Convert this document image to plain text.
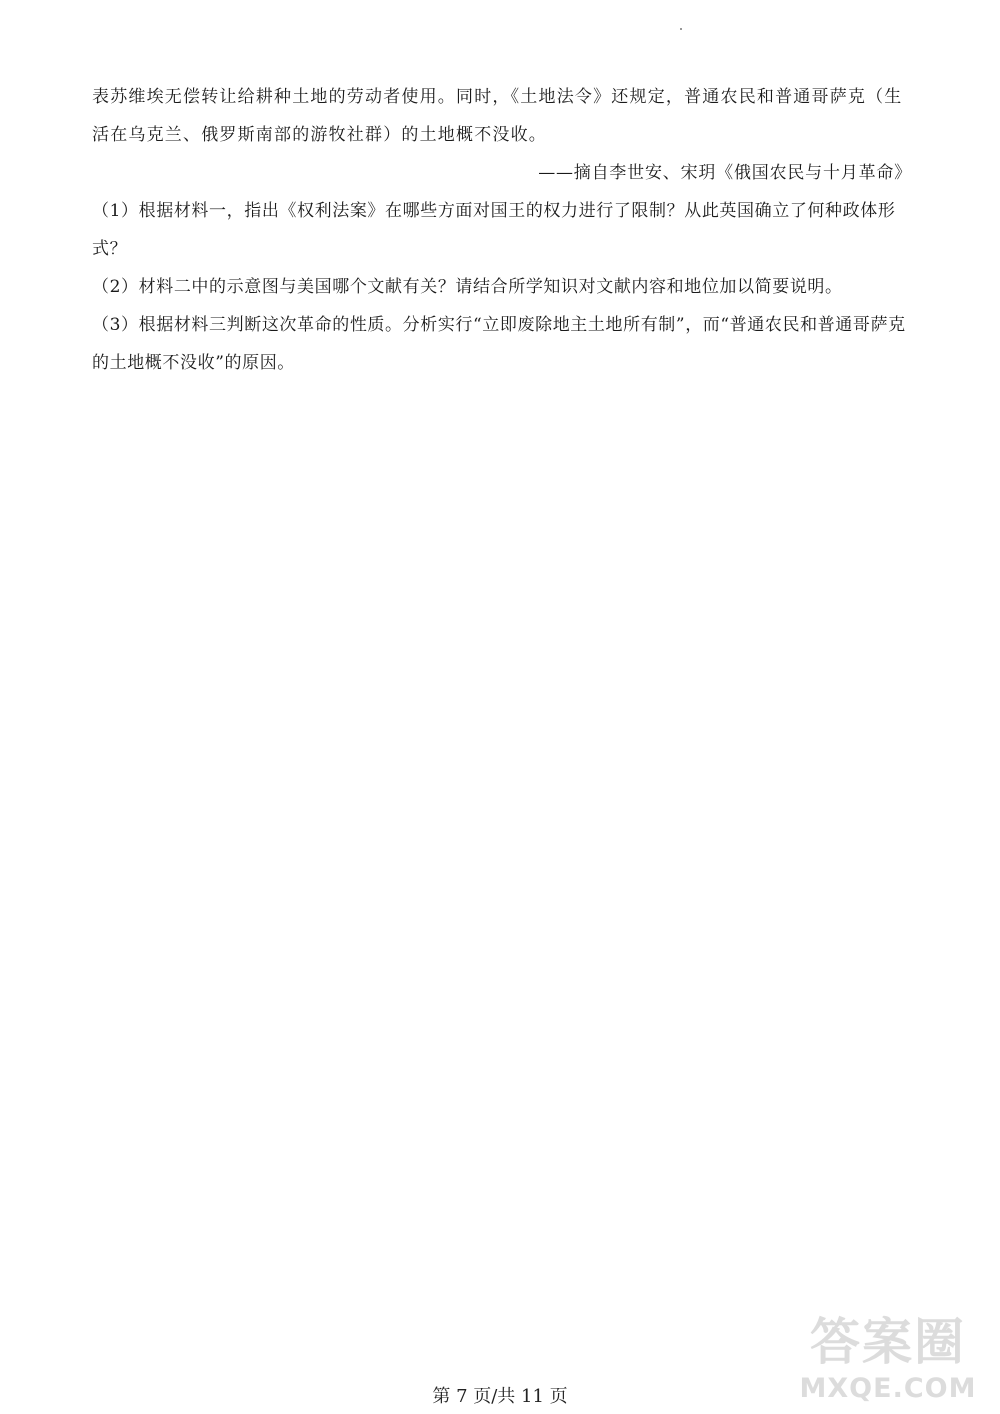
表苏维埃无偿转让给耕种土地的劳动者使用。同时，《土地法令》还规定，普通农民和普通哥萨克（生活在乌克兰、俄罗斯南部的游牧社群）的土地概不没收。

——摘自李世安、宋玥《俄国农民与十月革命》

（1）根据材料一，指出《权利法案》在哪些方面对国王的权力进行了限制？从此英国确立了何种政体形式？

（2）材料二中的示意图与美国哪个文献有关？请结合所学知识对文献内容和地位加以简要说明。

（3）根据材料三判断这次革命的性质。分析实行“立即废除地主土地所有制”，而“普通农民和普通哥萨克的土地概不没收”的原因。

第 7 页/共 11 页
答案圈
MXQE.COM
